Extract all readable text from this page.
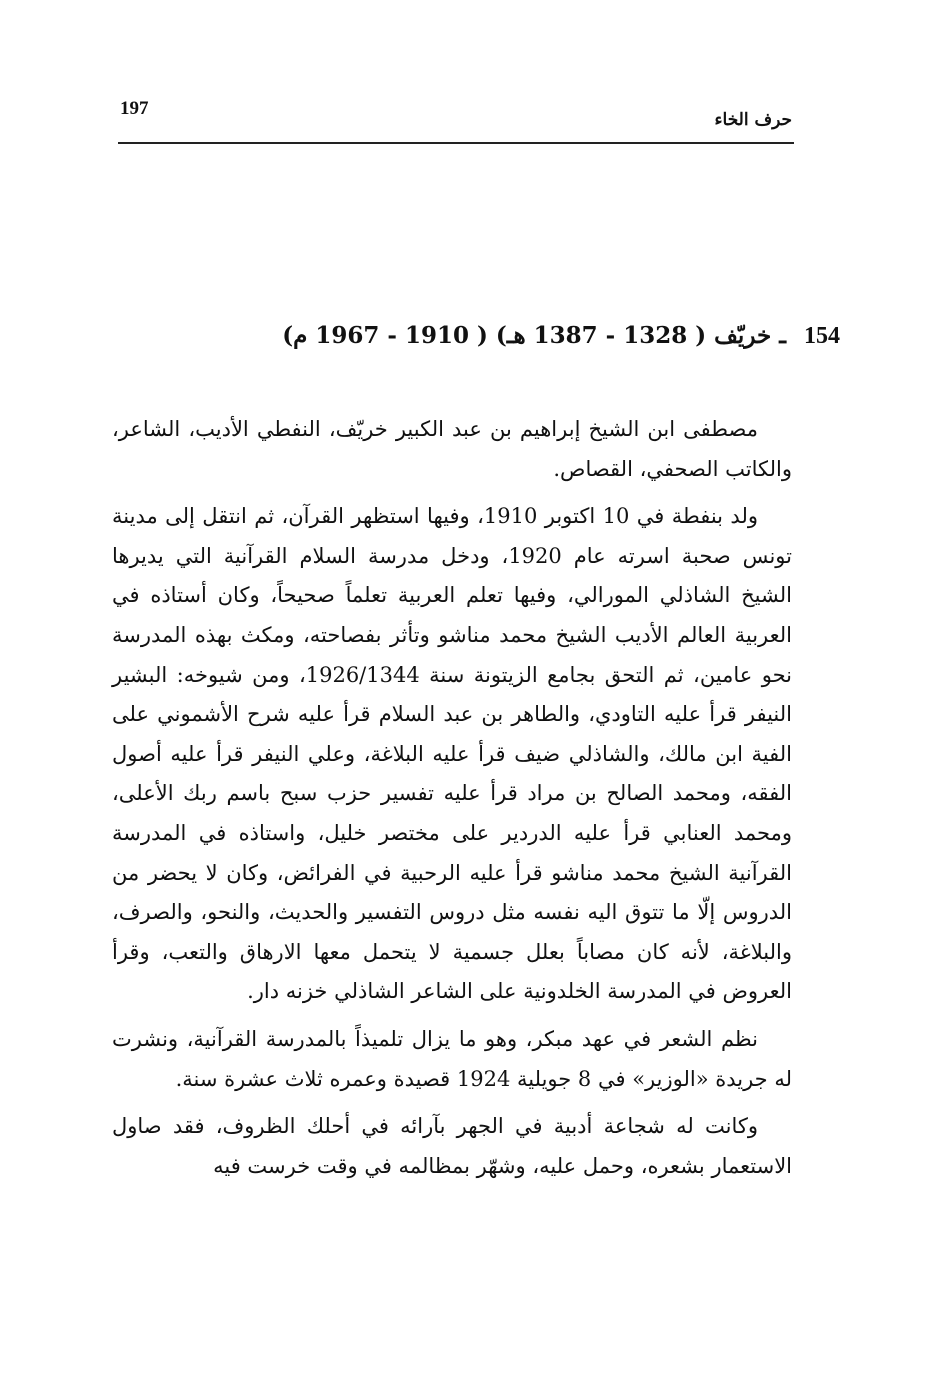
197
حرف الخاء
154 ـ خريّف ( 1328 - 1387 هـ) ( 1910 - 1967 م)

مصطفى ابن الشيخ إبراهيم بن عبد الكبير خريّف، النفطي الأديب، الشاعر، والكاتب الصحفي، القصاص.

ولد بنفطة في 10 اكتوبر 1910، وفيها استظهر القرآن، ثم انتقل إلى مدينة تونس صحبة اسرته عام 1920، ودخل مدرسة السلام القرآنية التي يديرها الشيخ الشاذلي المورالي، وفيها تعلم العربية تعلماً صحيحاً، وكان أستاذه في العربية العالم الأديب الشيخ محمد مناشو وتأثر بفصاحته، ومكث بهذه المدرسة نحو عامين، ثم التحق بجامع الزيتونة سنة 1926/1344، ومن شيوخه: البشير النيفر قرأ عليه التاودي، والطاهر بن عبد السلام قرأ عليه شرح الأشموني على الفية ابن مالك، والشاذلي ضيف قرأ عليه البلاغة، وعلي النيفر قرأ عليه أصول الفقه، ومحمد الصالح بن مراد قرأ عليه تفسير حزب سبح باسم ربك الأعلى، ومحمد العنابي قرأ عليه الدردير على مختصر خليل، واستاذه في المدرسة القرآنية الشيخ محمد مناشو قرأ عليه الرحبية في الفرائض، وكان لا يحضر من الدروس إلّا ما تتوق اليه نفسه مثل دروس التفسير والحديث، والنحو، والصرف، والبلاغة، لأنه كان مصاباً بعلل جسمية لا يتحمل معها الارهاق والتعب، وقرأ العروض في المدرسة الخلدونية على الشاعر الشاذلي خزنه دار.

نظم الشعر في عهد مبكر، وهو ما يزال تلميذاً بالمدرسة القرآنية، ونشرت له جريدة «الوزير» في 8 جويلية 1924 قصيدة وعمره ثلاث عشرة سنة.

وكانت له شجاعة أدبية في الجهر بآرائه في أحلك الظروف، فقد صاول الاستعمار بشعره، وحمل عليه، وشهّر بمظالمه في وقت خرست فيه
